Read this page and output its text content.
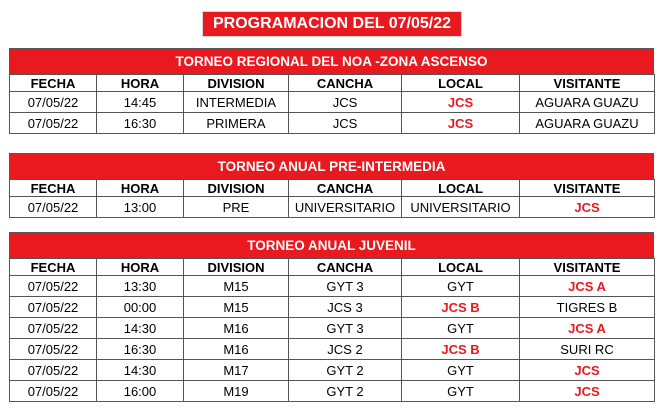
PROGRAMACION DEL 07/05/22
TORNEO REGIONAL DEL NOA -ZONA ASCENSO
FECHA	HORA	DIVISION	CANCHA	LOCAL	VISITANTE
07/05/22	14:45	INTERMEDIA	JCS	JCS	AGUARA GUAZU
07/05/22	16:30	PRIMERA	JCS	JCS	AGUARA GUAZU
TORNEO ANUAL PRE-INTERMEDIA
FECHA	HORA	DIVISION	CANCHA	LOCAL	VISITANTE
07/05/22	13:00	PRE	UNIVERSITARIO	UNIVERSITARIO	JCS
TORNEO ANUAL JUVENIL
FECHA	HORA	DIVISION	CANCHA	LOCAL	VISITANTE
07/05/22	13:30	M15	GYT 3	GYT	JCS A
07/05/22	00:00	M15	JCS 3	JCS B	TIGRES B
07/05/22	14:30	M16	GYT 3	GYT	JCS A
07/05/22	16:30	M16	JCS 2	JCS B	SURI RC
07/05/22	14:30	M17	GYT 2	GYT	JCS
07/05/22	16:00	M19	GYT 2	GYT	JCS
